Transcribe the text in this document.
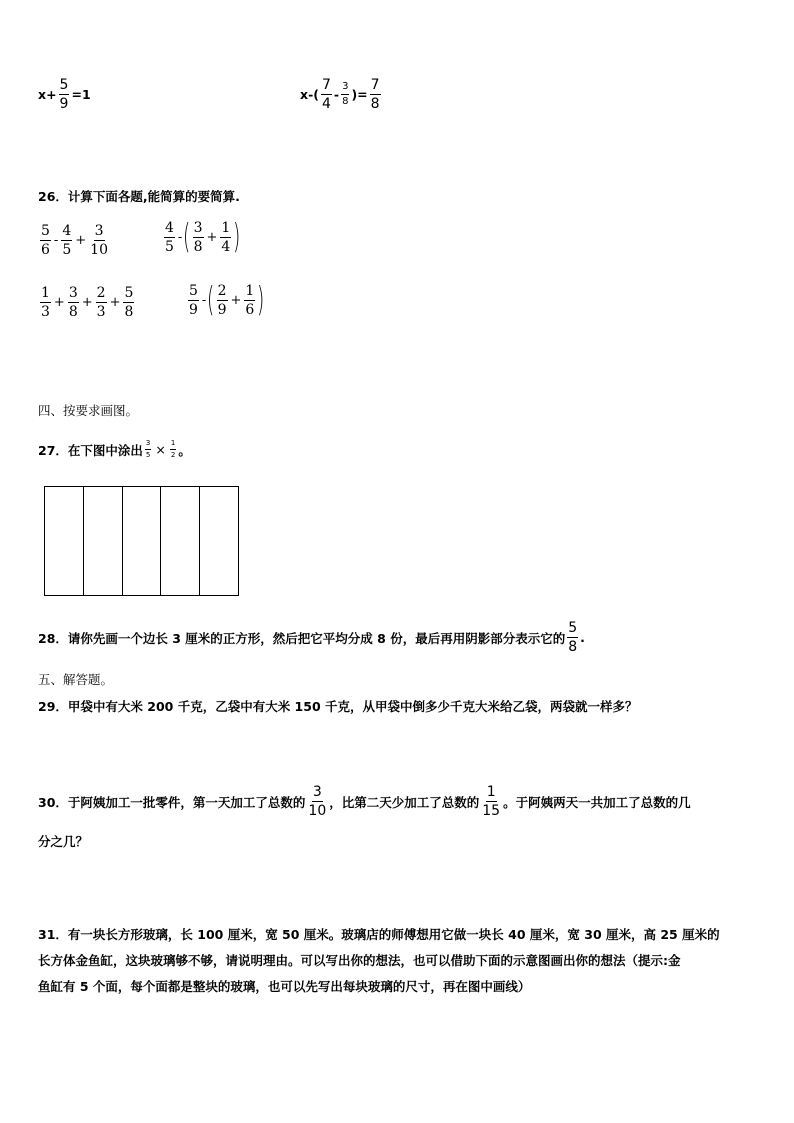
$x+ \frac{5}{9} =1$	$x-( \frac{7}{4} - \frac{3}{8}$ )= $\frac{7}{8}$
26．计算下面各题,能简算的要简算.
$\frac{5}{6} - \frac{4}{5} + \frac{3}{10}$	$\frac{4}{5}$ - ( $\frac{3}{8} + \frac{1}{4}$ )
$\frac{1}{3} + \frac{3}{8} + \frac{2}{3} + \frac{5}{8}$	$\frac{5}{9}$ - ( $\frac{2}{9} + \frac{1}{6}$ )
四、按要求画图。
27．在下图中涂出 $\frac{3}{5} \times \frac{1}{2}$ 。
28．请你先画一个边长 3 厘米的正方形，然后把它平均分成 8 份，最后再用阴影部分表示它的 $\frac{5}{8}$ .
五、解答题。
29．甲袋中有大米 200 千克，乙袋中有大米 150 千克，从甲袋中倒多少千克大米给乙袋，两袋就一样多？
30．于阿姨加工一批零件，第一天加工了总数的 $\frac{3}{10}$ ，比第二天少加工了总数的 $\frac{1}{15}$ 。于阿姨两天一共加工了总数的几
分之几？
31．有一块长方形玻璃，长 100 厘米，宽 50 厘米。玻璃店的师傅想用它做一块长 40 厘米，宽 30 厘米，高 25 厘米的
长方体金鱼缸，这块玻璃够不够，请说明理由。可以写出你的想法，也可以借助下面的示意图画出你的想法（提示:金
鱼缸有 5 个面，每个面都是整块的玻璃，也可以先写出每块玻璃的尺寸，再在图中画线）
